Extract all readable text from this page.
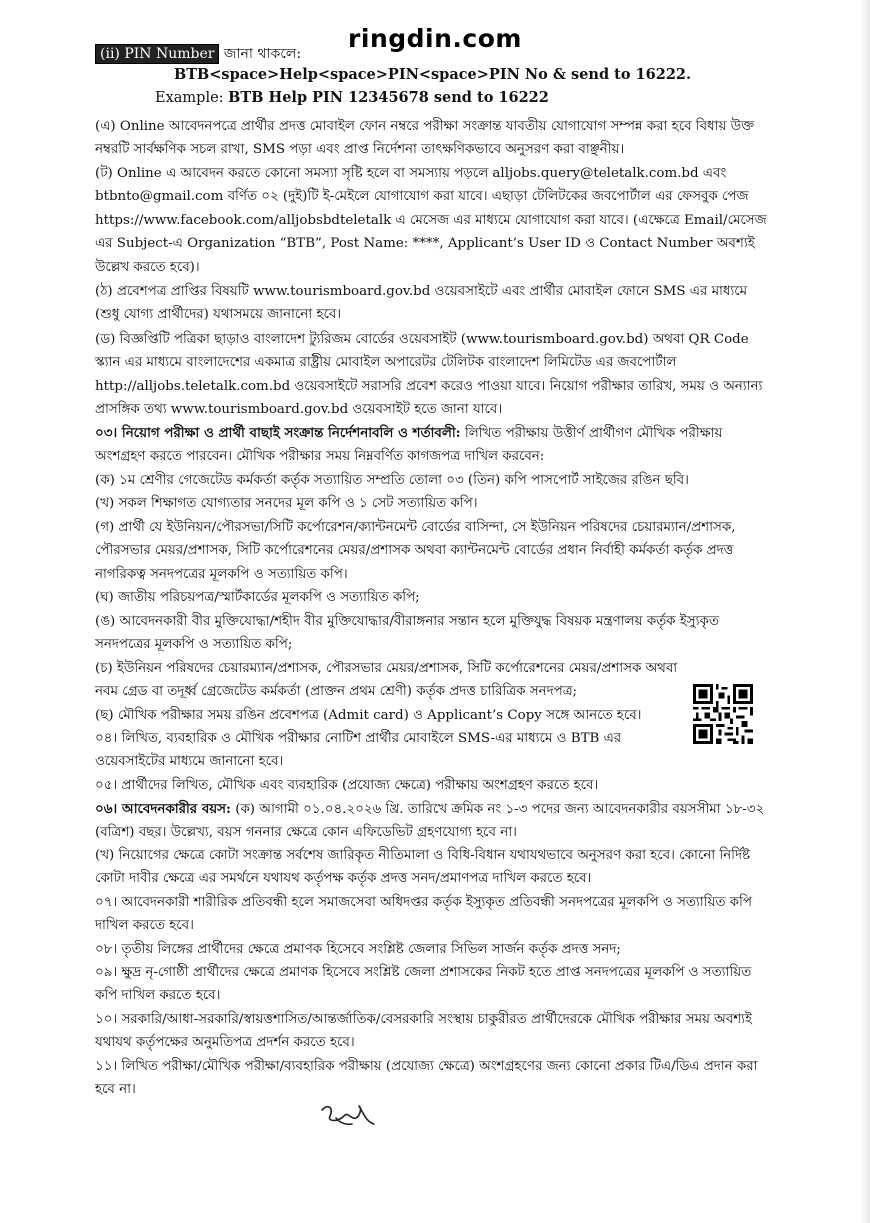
ringdin.com
(ii) PIN Number জানা থাকলে:
BTB<space>Help<space>PIN<space>PIN No & send to 16222.
Example: BTB Help PIN 12345678 send to 16222

(এ) Online আবেদনপত্রে প্রার্থীর প্রদত্ত মোবাইল ফোন নম্বরে পরীক্ষা সংক্রান্ত যাবতীয় যোগাযোগ সম্পন্ন করা হবে বিধায় উক্ত নম্বরটি সার্বক্ষণিক সচল রাখা, SMS পড়া এবং প্রাপ্ত নির্দেশনা তাৎক্ষণিকভাবে অনুসরণ করা বাঞ্ছনীয়।

(ট) Online এ আবেদন করতে কোনো সমস্যা সৃষ্টি হলে বা সমস্যায় পড়লে alljobs.query@teletalk.com.bd এবং btbnto@gmail.com বর্ণিত ০২ (দুই)টি ই-মেইলে যোগাযোগ করা যাবে। এছাড়া টেলিটকের জবপোর্টাল এর ফেসবুক পেজ https://www.facebook.com/alljobsbdteletalk এ মেসেজ এর মাধ্যমে যোগাযোগ করা যাবে। (এক্ষেত্রে Email/মেসেজ এর Subject-এ Organization “BTB”, Post Name: ****, Applicant’s User ID ও Contact Number অবশ্যই উল্লেখ করতে হবে)।

(ঠ) প্রবেশপত্র প্রাপ্তির বিষয়টি www.tourismboard.gov.bd ওয়েবসাইটে এবং প্রার্থীর মোবাইল ফোনে SMS এর মাধ্যমে (শুধু যোগ্য প্রার্থীদের) যথাসময়ে জানানো হবে।

(ড) বিজ্ঞপ্তিটি পত্রিকা ছাড়াও বাংলাদেশ ট্যুরিজম বোর্ডের ওয়েবসাইট (www.tourismboard.gov.bd) অথবা QR Code স্ক্যান এর মাধ্যমে বাংলাদেশের একমাত্র রাষ্ট্রীয় মোবাইল অপারেটর টেলিটক বাংলাদেশ লিমিটেড এর জবপোর্টাল http://alljobs.teletalk.com.bd ওয়েবসাইটে সরাসরি প্রবেশ করেও পাওয়া যাবে। নিয়োগ পরীক্ষার তারিখ, সময় ও অন্যান্য প্রাসঙ্গিক তথ্য www.tourismboard.gov.bd ওয়েবসাইট হতে জানা যাবে।

০৩। নিয়োগ পরীক্ষা ও প্রার্থী বাছাই সংক্রান্ত নির্দেশনাবলি ও শর্তাবলী: লিখিত পরীক্ষায় উত্তীর্ণ প্রার্থীগণ মৌখিক পরীক্ষায় অংশগ্রহণ করতে পারবেন। মৌখিক পরীক্ষার সময় নিম্নবর্ণিত কাগজপত্র দাখিল করবেন:

(ক) ১ম শ্রেণীর গেজেটেড কর্মকর্তা কর্তৃক সত্যায়িত সম্প্রতি তোলা ০৩ (তিন) কপি পাসপোর্ট সাইজের রঙিন ছবি।

(খ) সকল শিক্ষাগত যোগ্যতার সনদের মূল কপি ও ১ সেট সত্যায়িত কপি।

(গ) প্রার্থী যে ইউনিয়ন/পৌরসভা/সিটি কর্পোরেশন/ক্যান্টনমেন্ট বোর্ডের বাসিন্দা, সে ইউনিয়ন পরিষদের চেয়ারম্যান/প্রশাসক, পৌরসভার মেয়র/প্রশাসক, সিটি কর্পোরেশনের মেয়র/প্রশাসক অথবা ক্যান্টনমেন্ট বোর্ডের প্রধান নির্বাহী কর্মকর্তা কর্তৃক প্রদত্ত নাগরিকত্ব সনদপত্রের মূলকপি ও সত্যায়িত কপি।

(ঘ) জাতীয় পরিচয়পত্র/স্মার্টকার্ডের মূলকপি ও সত্যায়িত কপি;

(ঙ) আবেদনকারী বীর মুক্তিযোদ্ধা/শহীদ বীর মুক্তিযোদ্ধার/বীরাঙ্গনার সন্তান হলে মুক্তিযুদ্ধ বিষয়ক মন্ত্রণালয় কর্তৃক ইস্যুকৃত সনদপত্রের মূলকপি ও সত্যায়িত কপি;

(চ) ইউনিয়ন পরিষদের চেয়ারম্যান/প্রশাসক, পৌরসভার মেয়র/প্রশাসক, সিটি কর্পোরেশনের মেয়র/প্রশাসক অথবা নবম গ্রেড বা তদূর্ধ্ব গ্রেজেটেড কর্মকর্তা (প্রাক্তন প্রথম শ্রেণী) কর্তৃক প্রদত্ত চারিত্রিক সনদপত্র;

(ছ) মৌখিক পরীক্ষার সময় রঙিন প্রবেশপত্র (Admit card) ও Applicant’s Copy সঙ্গে আনতে হবে।

০৪। লিখিত, ব্যবহারিক ও মৌখিক পরীক্ষার নোটিশ প্রার্থীর মোবাইলে SMS-এর মাধ্যমে ও BTB এর ওয়েবসাইটের মাধ্যমে জানানো হবে।

০৫। প্রার্থীদের লিখিত, মৌখিক এবং ব্যবহারিক (প্রযোজ্য ক্ষেত্রে) পরীক্ষায় অংশগ্রহণ করতে হবে।

০৬। আবেদনকারীর বয়স: (ক) আগামী ০১.০৪.২০২৬ খ্রি. তারিখে ক্রমিক নং ১-৩ পদের জন্য আবেদনকারীর বয়সসীমা ১৮-৩২ (বত্রিশ) বছর। উল্লেখ্য, বয়স গননার ক্ষেত্রে কোন এফিডেভিট গ্রহণযোগ্য হবে না।

(খ) নিয়োগের ক্ষেত্রে কোটা সংক্রান্ত সর্বশেষ জারিকৃত নীতিমালা ও বিধি-বিধান যথাযথভাবে অনুসরণ করা হবে। কোনো নির্দিষ্ট কোটা দাবীর ক্ষেত্রে এর সমর্থনে যথাযথ কর্তৃপক্ষ কর্তৃক প্রদত্ত সনদ/প্রমাণপত্র দাখিল করতে হবে।

০৭। আবেদনকারী শারীরিক প্রতিবন্ধী হলে সমাজসেবা অধিদপ্তর কর্তৃক ইস্যুকৃত প্রতিবন্ধী সনদপত্রের মূলকপি ও সত্যায়িত কপি দাখিল করতে হবে।

০৮। তৃতীয় লিঙ্গের প্রার্থীদের ক্ষেত্রে প্রমাণক হিসেবে সংশ্লিষ্ট জেলার সিভিল সার্জন কর্তৃক প্রদত্ত সনদ;

০৯। ক্ষুদ্র নৃ-গোষ্ঠী প্রার্থীদের ক্ষেত্রে প্রমাণক হিসেবে সংশ্লিষ্ট জেলা প্রশাসকের নিকট হতে প্রাপ্ত সনদপত্রের মূলকপি ও সত্যায়িত কপি দাখিল করতে হবে।

১০। সরকারি/আধা-সরকারি/স্বায়ত্তশাসিত/আন্তর্জাতিক/বেসরকারি সংস্থায় চাকুরীরত প্রার্থীদেরকে মৌখিক পরীক্ষার সময় অবশ্যই যথাযথ কর্তৃপক্ষের অনুমতিপত্র প্রদর্শন করতে হবে।

১১। লিখিত পরীক্ষা/মৌখিক পরীক্ষা/ব্যবহারিক পরীক্ষায় (প্রযোজ্য ক্ষেত্রে) অংশগ্রহণের জন্য কোনো প্রকার টিএ/ডিএ প্রদান করা হবে না।
